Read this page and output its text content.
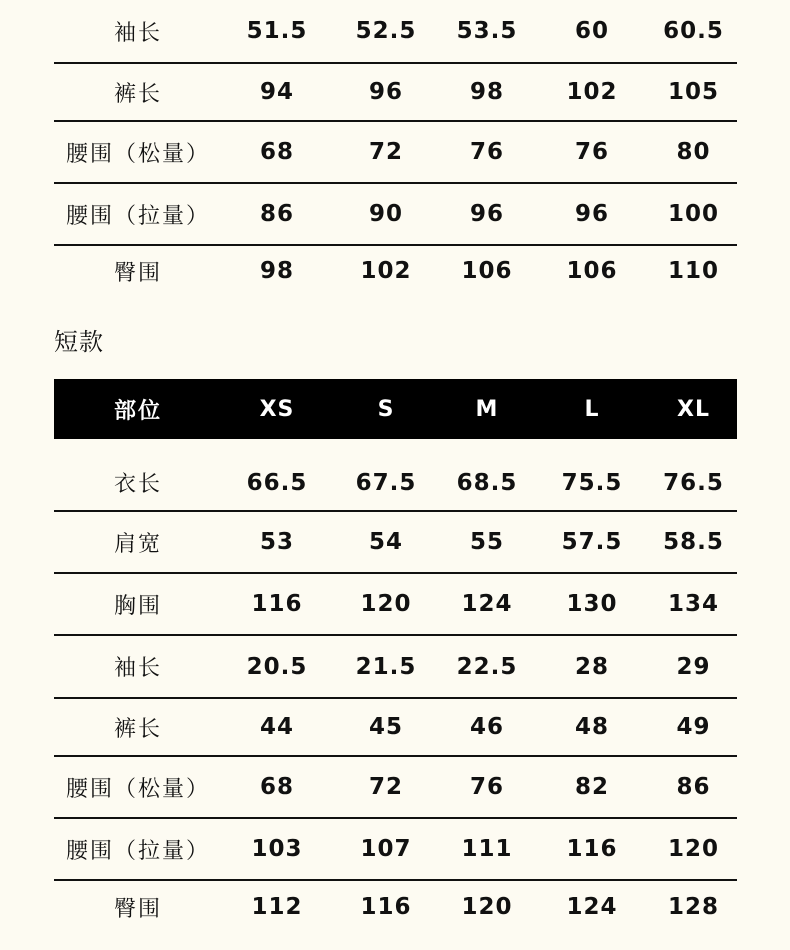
袖长	51.5	52.5	53.5	60	60.5
裤长	94	96	98	102	105
腰围（松量）	68	72	76	76	80
腰围（拉量）	86	90	96	96	100
臀围	98	102	106	106	110
短款
部位	XS	S	M	L	XL
衣长	66.5	67.5	68.5	75.5	76.5
肩宽	53	54	55	57.5	58.5
胸围	116	120	124	130	134
袖长	20.5	21.5	22.5	28	29
裤长	44	45	46	48	49
腰围（松量）	68	72	76	82	86
腰围（拉量）	103	107	111	116	120
臀围	112	116	120	124	128
